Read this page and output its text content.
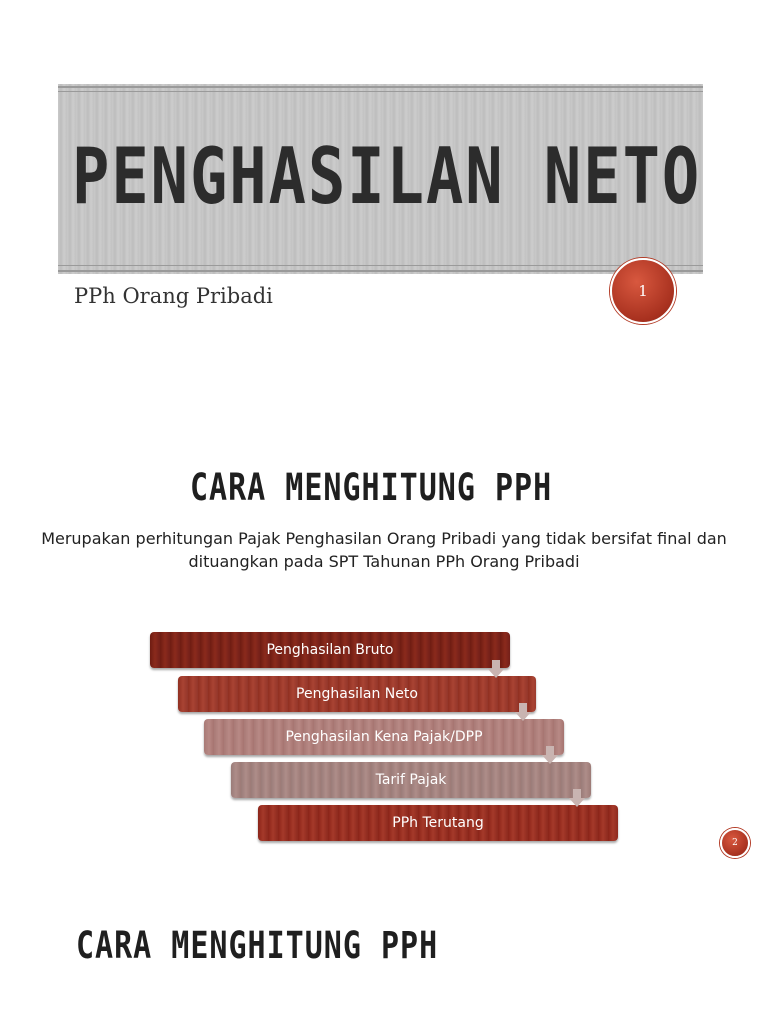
PENGHASILAN NETO

PPh Orang Pribadi	1
CARA MENGHITUNG PPH

Merupakan perhitungan Pajak Penghasilan Orang Pribadi yang tidak bersifat final dan dituangkan pada SPT Tahunan PPh Orang Pribadi

Penghasilan Bruto
Penghasilan Neto
Penghasilan Kena Pajak/DPP
Tarif Pajak
PPh Terutang
2
CARA MENGHITUNG PPH
